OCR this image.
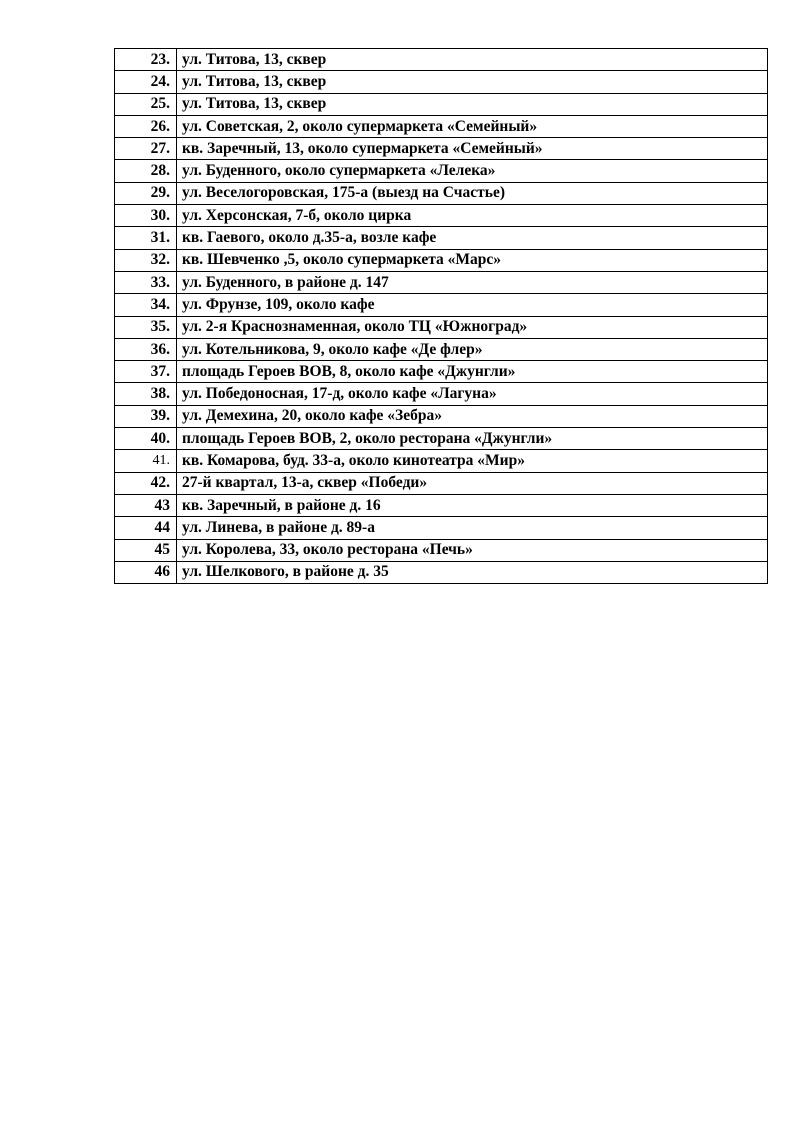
23.	ул. Титова, 13, сквер
24.	ул. Титова, 13, сквер
25.	ул. Титова, 13, сквер
26.	ул. Советская, 2, около супермаркета «Семейный»
27.	кв. Заречный, 13, около супермаркета «Семейный»
28.	ул. Буденного, около супермаркета «Лелека»
29.	ул. Веселогоровская, 175-а (выезд на Счастье)
30.	ул. Херсонская, 7-б, около цирка
31.	кв. Гаевого, около д.35-а, возле кафе
32.	кв. Шевченко ,5, около супермаркета «Марс»
33.	ул. Буденного, в районе д. 147
34.	ул. Фрунзе, 109, около кафе
35.	ул. 2-я Краснознаменная, около ТЦ «Южноград»
36.	ул. Котельникова, 9, около кафе «Де флер»
37.	площадь Героев ВОВ, 8, около кафе «Джунгли»
38.	ул. Победоносная, 17-д, около кафе «Лагуна»
39.	ул. Демехина, 20, около кафе «Зебра»
40.	площадь Героев ВОВ, 2, около ресторана «Джунгли»
41.	кв. Комарова, буд. 33-а, около кинотеатра «Мир»
42.	27-й квартал, 13-а, сквер «Победи»
43	кв. Заречный, в районе д. 16
44	ул. Линева, в районе д. 89-а
45	ул. Королева, 33, около ресторана «Печь»
46	ул. Шелкового, в районе д. 35
